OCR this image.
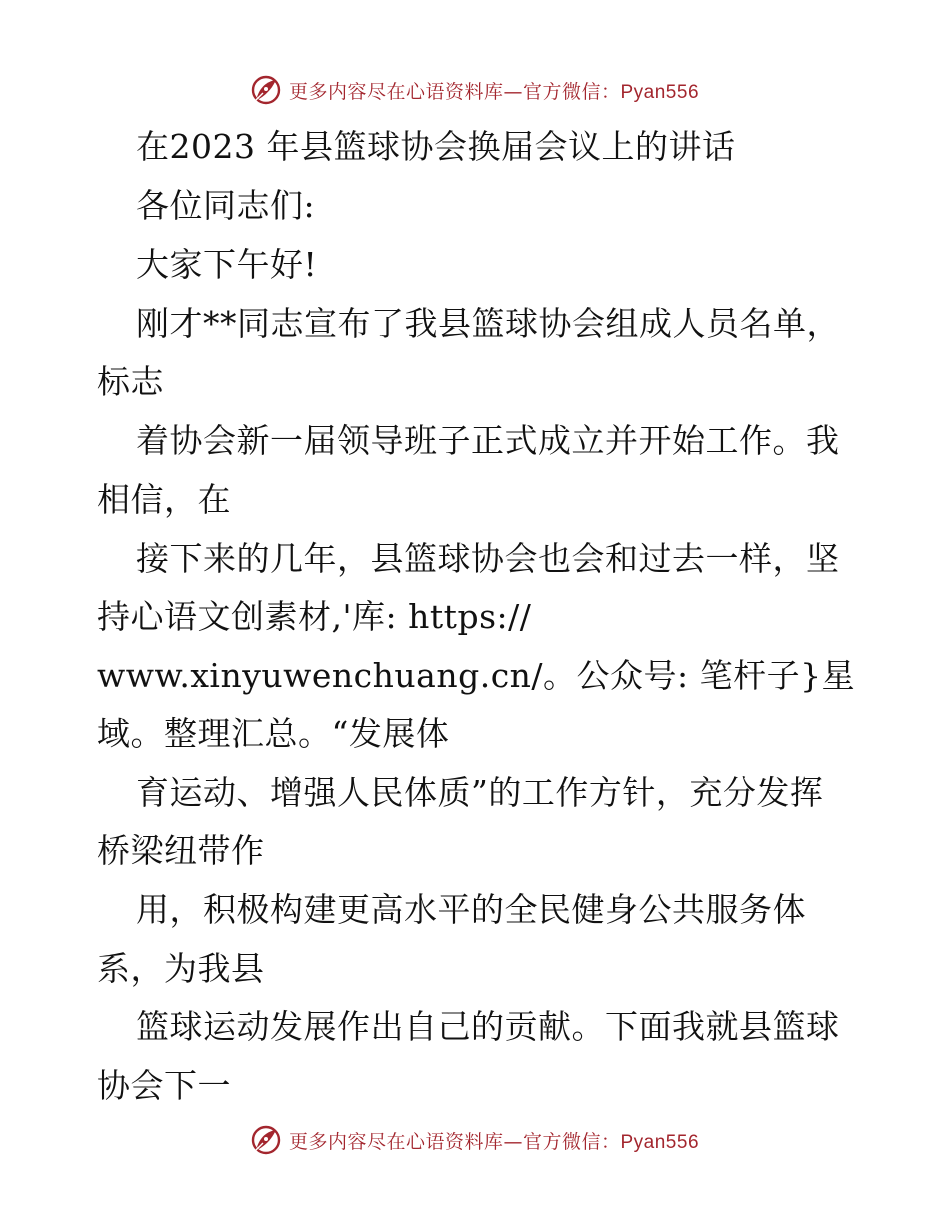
更多内容尽在心语资料库—官方微信：Pyan556
在2023 年县篮球协会换届会议上的讲话
各位同志们:
大家下午好!
刚才**同志宣布了我县篮球协会组成人员名单，
标志
着协会新一届领导班子正式成立并开始工作。我
相信，在
接下来的几年，县篮球协会也会和过去一样，坚
持心语文创素材,'库: https://
www.xinyuwenchuang.cn/。公众号: 笔杆子}星
域。整理汇总。“发展体
育运动、增强人民体质”的工作方针，充分发挥
桥梁纽带作
用，积极构建更高水平的全民健身公共服务体
系，为我县
篮球运动发展作出自己的贡献。下面我就县篮球
协会下一
更多内容尽在心语资料库—官方微信：Pyan556
